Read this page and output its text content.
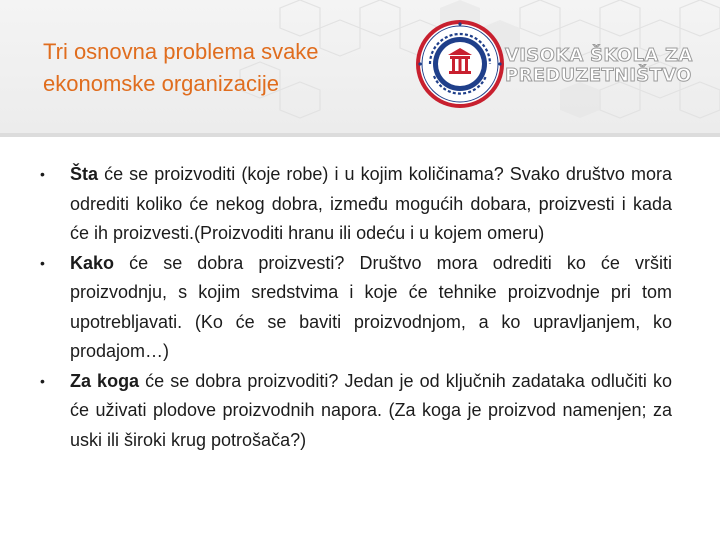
Tri osnovna problema svake ekonomske organizacije
VISOKA ŠKOLA ZA
PREDUZETNIŠTVO
• Šta će se proizvoditi (koje robe) i u kojim količinama? Svako društvo mora odrediti koliko će nekog dobra, između mogućih dobara, proizvesti i kada će ih proizvesti.(Proizvoditi hranu ili odeću i u kojem omeru)
• Kako će se dobra proizvesti? Društvo mora odrediti ko će vršiti proizvodnju, s kojim sredstvima i koje će tehnike proizvodnje pri tom upotrebljavati. (Ko će se baviti proizvodnjom, a ko upravljanjem, ko prodajom…)
• Za koga će se dobra proizvoditi? Jedan je od ključnih zadataka odlučiti ko će uživati plodove proizvodnih napora. (Za koga je proizvod namenjen; za uski ili široki krug potrošača?)
